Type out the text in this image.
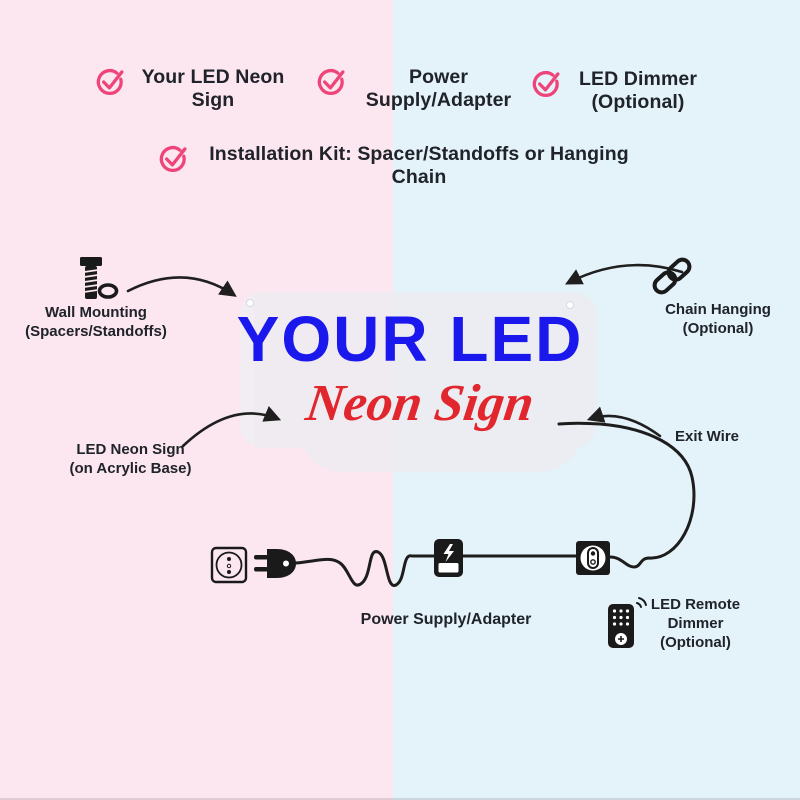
Your LED Neon
Sign
Power
Supply/Adapter
LED Dimmer
(Optional)
Installation Kit: Spacer/Standoffs or Hanging
Chain
YOUR LED
Neon Sign
Wall Mounting
(Spacers/Standoffs)
LED Neon Sign
(on Acrylic Base)
Chain Hanging
(Optional)
Exit Wire
Power Supply/Adapter
LED Remote
Dimmer
(Optional)
